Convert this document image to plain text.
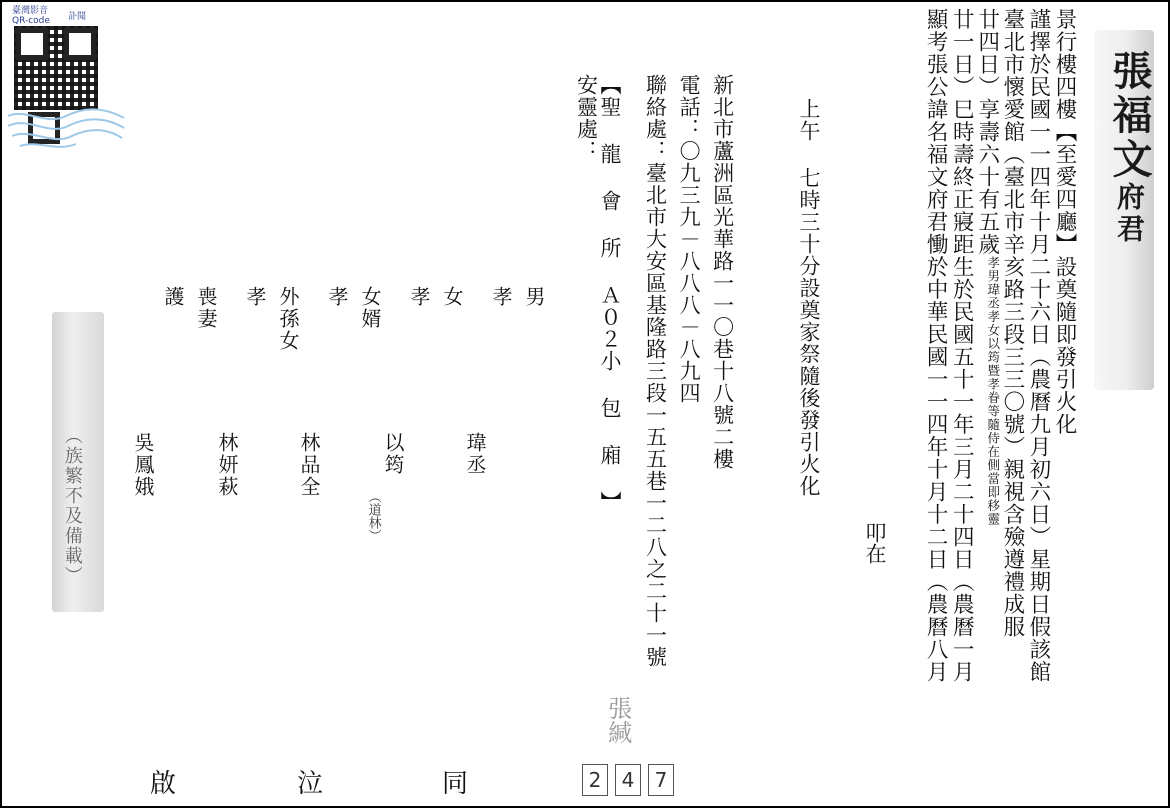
臺灣影音
QR-code 訃聞
張福文府君
顯考張公諱名福文府君慟於中華民國一一四年十月十二日（農曆八月 廿一日）巳時壽終正寢距生於民國五十一年三月二十四日（農曆一月 廿四日）享壽六十有五歲
孝男瑋丞孝女以筠暨孝眷等隨侍在側當即移靈 臺北市懷愛館（臺北市辛亥路三段三三〇號）親視含殮遵禮成服 謹擇於民國一一四年十月二十六日（農曆九月初六日）星期日假該館 景行樓四樓【至愛四廳】設奠隨即發引火化
叩在
上午 七時三十分設奠家祭隨後發引火化
安靈處： 【聖 龍 會 所 Ａ０２小 包 廂 】 聯絡處：臺北市大安區基隆路三段一五五巷一二八之二十一號
電話：〇九三九－八八八－八九四 新北市蘆洲區光華路一一〇巷十八號二樓
孝 男
瑋丞
孝 女
以筠
（道林）
孝 女婿
林品全
孝 外孫女
林妍萩
護 喪妻
吳鳳娥
張緘
2	4	7
同
泣
啟
（族繁不及備載）
